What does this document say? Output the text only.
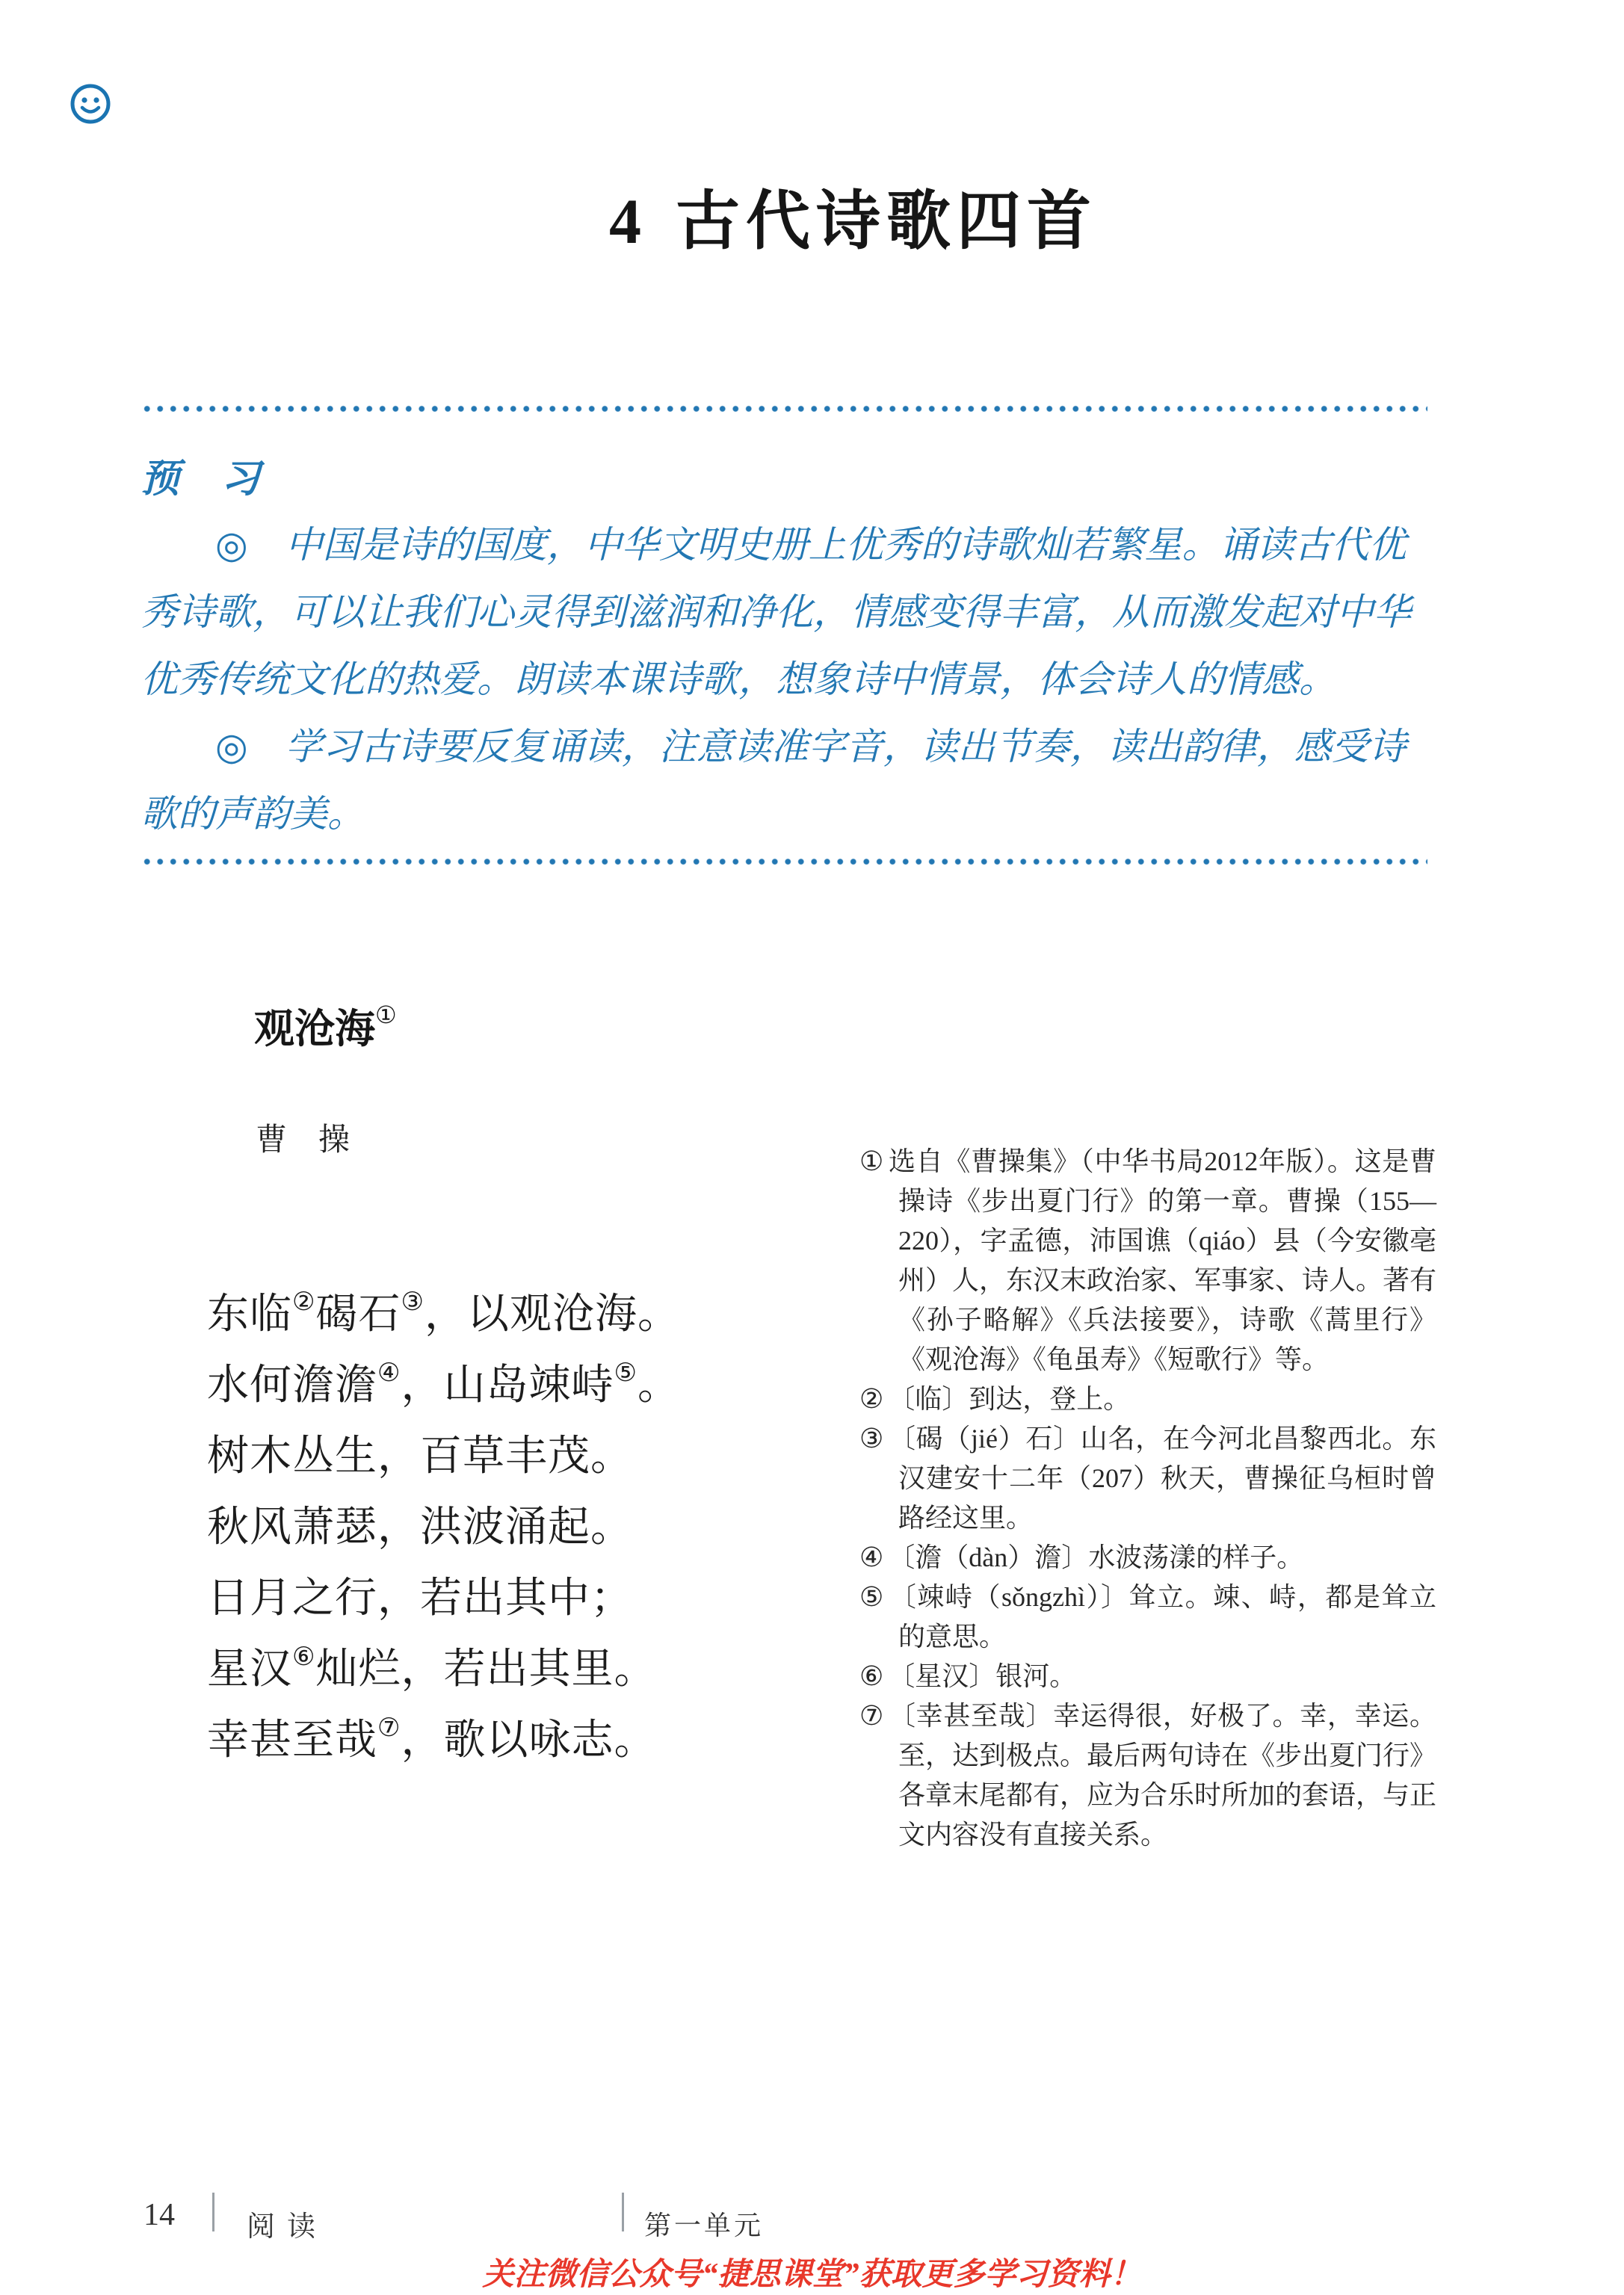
4 古代诗歌四首
预　习
◎　中国是诗的国度，中华文明史册上优秀的诗歌灿若繁星。诵读古代优
秀诗歌，可以让我们心灵得到滋润和净化，情感变得丰富，从而激发起对中华
优秀传统文化的热爱。朗读本课诗歌，想象诗中情景，体会诗人的情感。
◎　学习古诗要反复诵读，注意读准字音，读出节奏，读出韵律，感受诗
歌的声韵美。
观沧海①
曹　操
东临②碣石③，以观沧海。
水何澹澹④，山岛竦峙⑤。
树木丛生，百草丰茂。
秋风萧瑟，洪波涌起。
日月之行，若出其中；
星汉⑥灿烂，若出其里。
幸甚至哉⑦，歌以咏志。
① 选自《曹操集》（中华书局2012年版）。这是曹操诗《步出夏门行》的第一章。曹操（155—220），字孟德，沛国谯（qiáo）县（今安徽亳州）人，东汉末政治家、军事家、诗人。著有《孙子略解》《兵法接要》，诗歌《蒿里行》《观沧海》《龟虽寿》《短歌行》等。
② 〔临〕到达，登上。
③ 〔碣（jié）石〕山名，在今河北昌黎西北。东汉建安十二年（207）秋天，曹操征乌桓时曾路经这里。
④ 〔澹（dàn）澹〕水波荡漾的样子。
⑤ 〔竦峙（sǒngzhì）〕耸立。竦、峙，都是耸立的意思。
⑥ 〔星汉〕银河。
⑦ 〔幸甚至哉〕幸运得很，好极了。幸，幸运。至，达到极点。最后两句诗在《步出夏门行》各章末尾都有，应为合乐时所加的套语，与正文内容没有直接关系。
14	阅读	第一单元
关注微信公众号“捷思课堂”获取更多学习资料！
